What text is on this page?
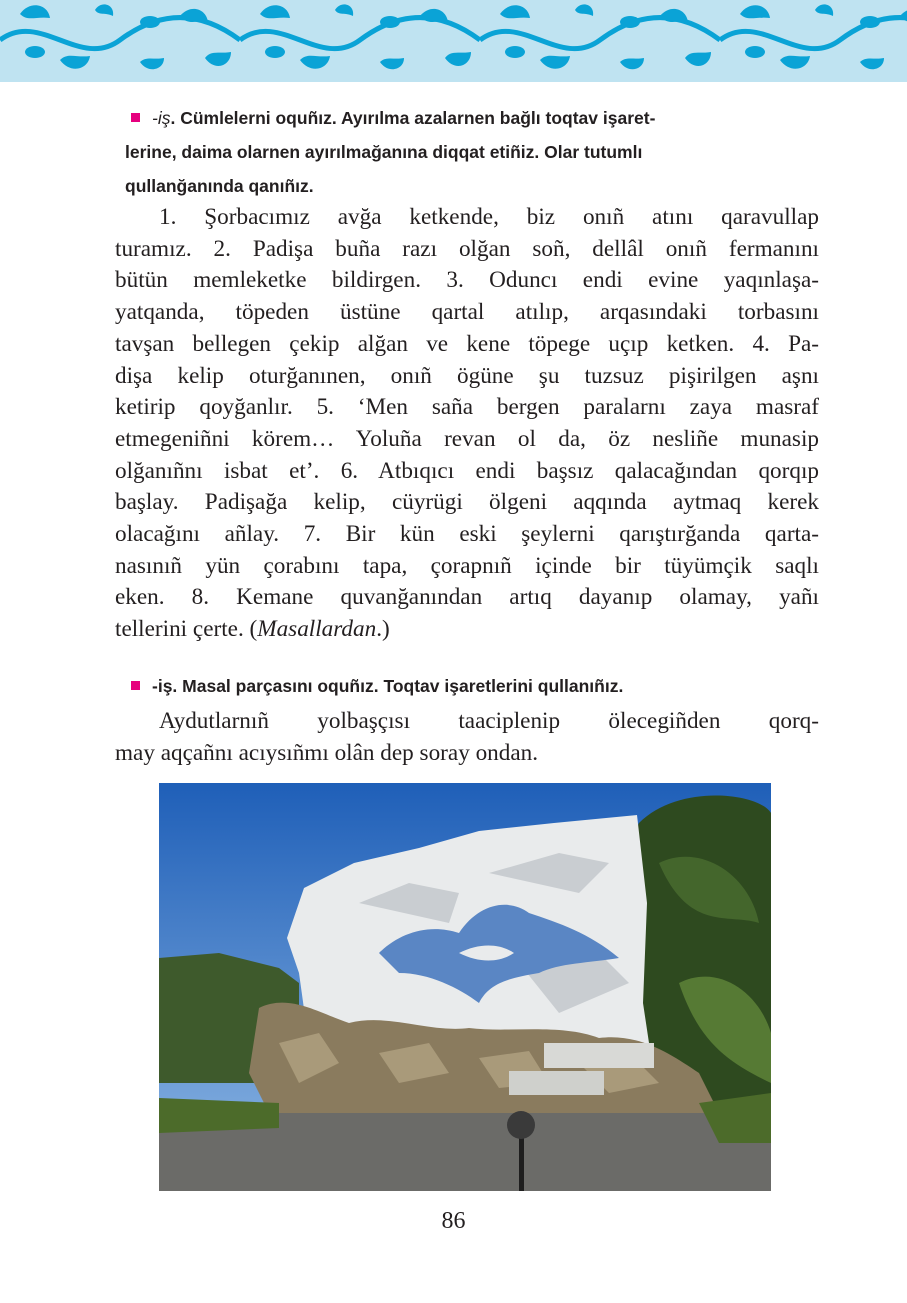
-iş. Cümlelerni oquñız. Ayırılma azalarnen bağlı toqtav işaret-
lerine, daima olarnen ayırılmağanına diqqat etiñiz. Olar tutumlı
qullanğanında qanıñız.
1. Şorbacımız avğa ketkende, biz onıñ atını qaravullap
turamız. 2. Padişa buña razı olğan soñ, dellâl onıñ fermanını
bütün memleketke bildirgen. 3. Oduncı endi evine yaqınlaşa-
yatqanda, töpeden üstüne qartal atılıp, arqasındaki torbasını
tavşan bellegen çekip alğan ve kene töpege uçıp ketken. 4. Pa-
dişa kelip oturğanınen, onıñ ögüne şu tuzsuz pişirilgen aşnı
ketirip qoyğanlır. 5. ‘Men saña bergen paralarnı zaya masraf
etmegeniñni körem… Yoluña revan ol da, öz nesliñe munasip
olğanıñnı isbat et’. 6. Atbıqıcı endi başsız qalacağından qorqıp
başlay. Padişağa kelip, cüyrügi ölgeni aqqında aytmaq kerek
olacağını añlay. 7. Bir kün eski şeylerni qarıştırğanda qarta-
nasınıñ yün çorabını tapa, çorapnıñ içinde bir tüyümçik saqlı
eken. 8. Kemane quvanğanından artıq dayanıp olamay, yañı
tellerini çerte. (Masallardan.)
-iş. Masal parçasını oquñız. Toqtav işaretlerini qullanıñız.
Aydutlarnıñ yolbaşçısı taaciplenip ölecegiñden qorq-
may aqçañnı acıysıñmı olân dep soray ondan.
86
